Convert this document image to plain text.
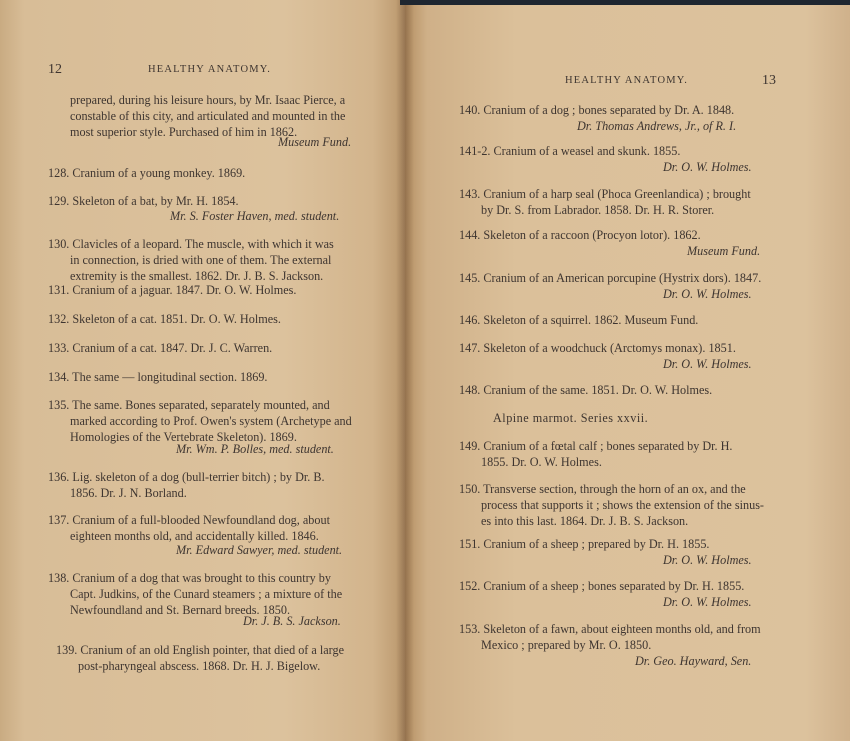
12	HEALTHY ANATOMY.
prepared, during his leisure hours, by Mr. Isaac Pierce, a
constable of this city, and articulated and mounted in the
most superior style. Purchased of him in 1862.
Museum Fund.
128. Cranium of a young monkey. 1869.
129. Skeleton of a bat, by Mr. H. 1854.
Mr. S. Foster Haven, med. student.
130. Clavicles of a leopard. The muscle, with which it was
in connection, is dried with one of them. The external
extremity is the smallest. 1862. Dr. J. B. S. Jackson.
131. Cranium of a jaguar. 1847. Dr. O. W. Holmes.
132. Skeleton of a cat. 1851. Dr. O. W. Holmes.
133. Cranium of a cat. 1847. Dr. J. C. Warren.
134. The same — longitudinal section. 1869.
135. The same. Bones separated, separately mounted, and
marked according to Prof. Owen's system (Archetype and
Homologies of the Vertebrate Skeleton). 1869.
Mr. Wm. P. Bolles, med. student.
136. Lig. skeleton of a dog (bull-terrier bitch) ; by Dr. B.
1856. Dr. J. N. Borland.
137. Cranium of a full-blooded Newfoundland dog, about
eighteen months old, and accidentally killed. 1846.
Mr. Edward Sawyer, med. student.
138. Cranium of a dog that was brought to this country by
Capt. Judkins, of the Cunard steamers ; a mixture of the
Newfoundland and St. Bernard breeds. 1850.
Dr. J. B. S. Jackson.
139. Cranium of an old English pointer, that died of a large
post-pharyngeal abscess. 1868. Dr. H. J. Bigelow.
HEALTHY ANATOMY.	13
140. Cranium of a dog ; bones separated by Dr. A. 1848.
Dr. Thomas Andrews, Jr., of R. I.
141-2. Cranium of a weasel and skunk. 1855.
Dr. O. W. Holmes.
143. Cranium of a harp seal (Phoca Greenlandica) ; brought
by Dr. S. from Labrador. 1858. Dr. H. R. Storer.
144. Skeleton of a raccoon (Procyon lotor). 1862.
Museum Fund.
145. Cranium of an American porcupine (Hystrix dors). 1847.
Dr. O. W. Holmes.
146. Skeleton of a squirrel. 1862. Museum Fund.
147. Skeleton of a woodchuck (Arctomys monax). 1851.
Dr. O. W. Holmes.
148. Cranium of the same. 1851. Dr. O. W. Holmes.
Alpine marmot. Series xxvii.
149. Cranium of a fœtal calf ; bones separated by Dr. H.
1855. Dr. O. W. Holmes.
150. Transverse section, through the horn of an ox, and the
process that supports it ; shows the extension of the sinus-
es into this last. 1864. Dr. J. B. S. Jackson.
151. Cranium of a sheep ; prepared by Dr. H. 1855.
Dr. O. W. Holmes.
152. Cranium of a sheep ; bones separated by Dr. H. 1855.
Dr. O. W. Holmes.
153. Skeleton of a fawn, about eighteen months old, and from
Mexico ; prepared by Mr. O. 1850.
Dr. Geo. Hayward, Sen.
